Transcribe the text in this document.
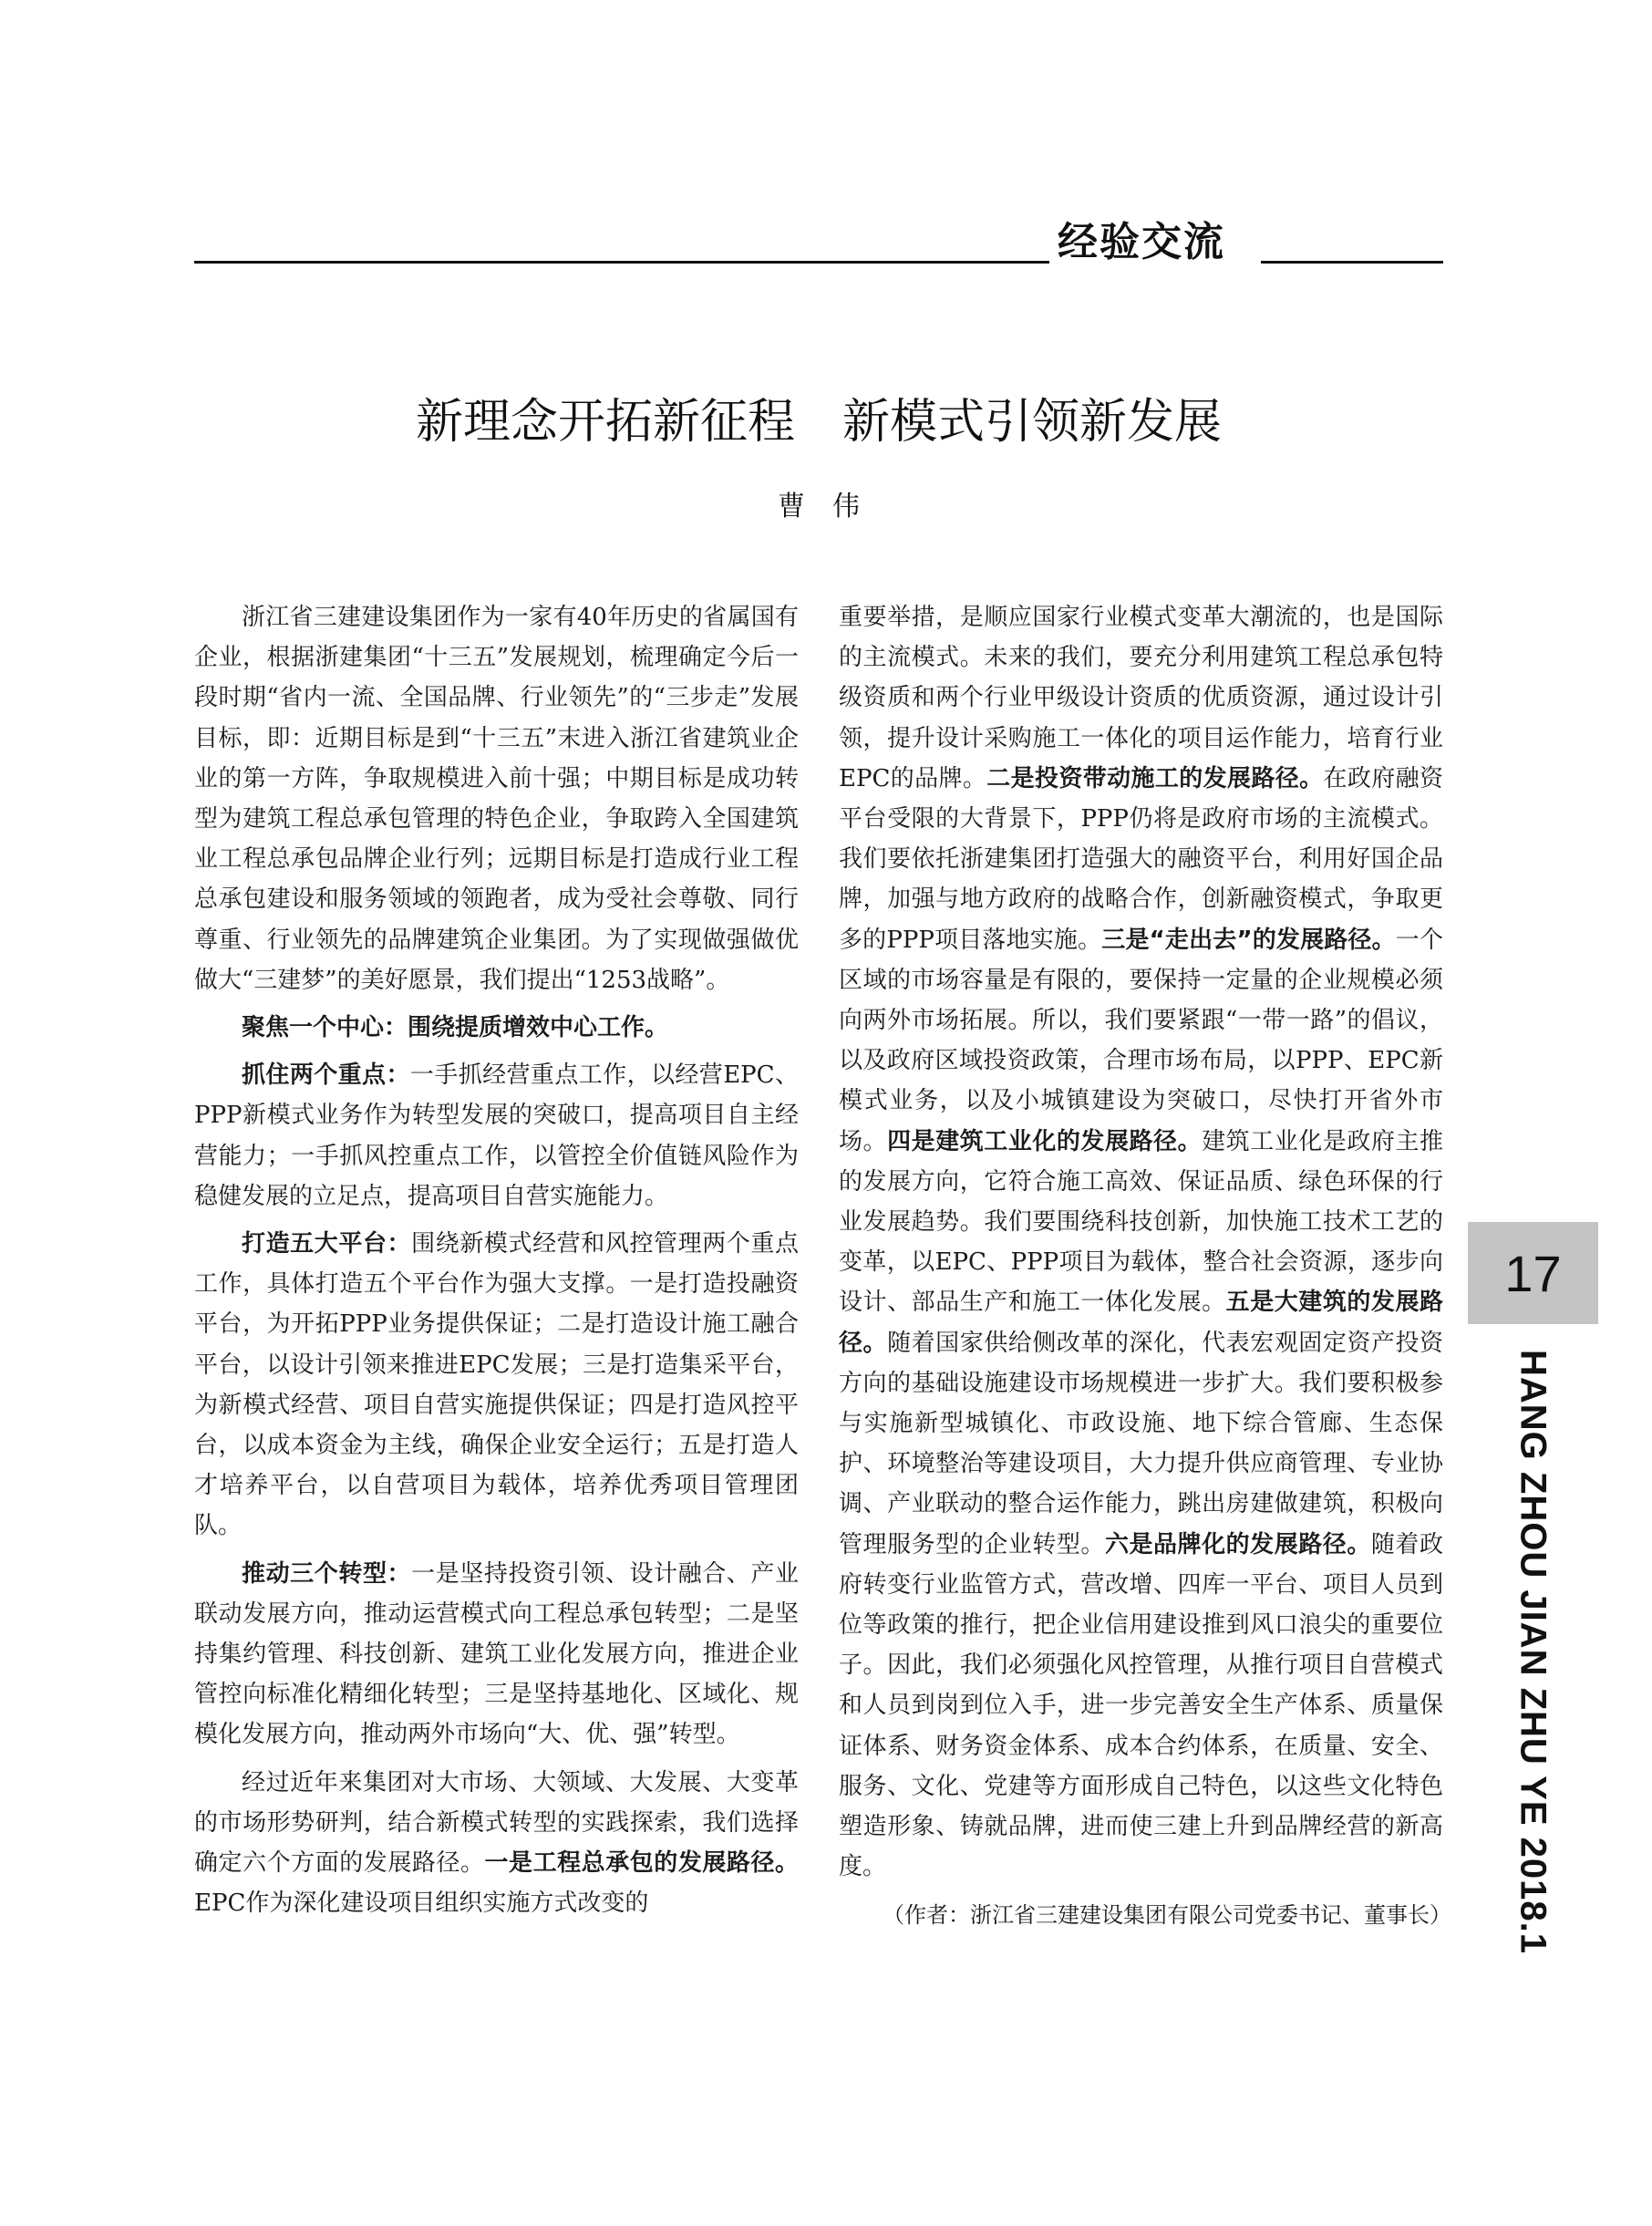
经验交流
新理念开拓新征程　新模式引领新发展
曹　伟

浙江省三建建设集团作为一家有40年历史的省属国有企业，根据浙建集团“十三五”发展规划，梳理确定今后一段时期“省内一流、全国品牌、行业领先”的“三步走”发展目标，即：近期目标是到“十三五”末进入浙江省建筑业企业的第一方阵，争取规模进入前十强；中期目标是成功转型为建筑工程总承包管理的特色企业，争取跨入全国建筑业工程总承包品牌企业行列；远期目标是打造成行业工程总承包建设和服务领域的领跑者，成为受社会尊敬、同行尊重、行业领先的品牌建筑企业集团。为了实现做强做优做大“三建梦”的美好愿景，我们提出“1253战略”。

聚焦一个中心：围绕提质增效中心工作。

抓住两个重点：一手抓经营重点工作，以经营EPC、PPP新模式业务作为转型发展的突破口，提高项目自主经营能力；一手抓风控重点工作，以管控全价值链风险作为稳健发展的立足点，提高项目自营实施能力。

打造五大平台：围绕新模式经营和风控管理两个重点工作，具体打造五个平台作为强大支撑。一是打造投融资平台，为开拓PPP业务提供保证；二是打造设计施工融合平台，以设计引领来推进EPC发展；三是打造集采平台，为新模式经营、项目自营实施提供保证；四是打造风控平台，以成本资金为主线，确保企业安全运行；五是打造人才培养平台，以自营项目为载体，培养优秀项目管理团队。

推动三个转型：一是坚持投资引领、设计融合、产业联动发展方向，推动运营模式向工程总承包转型；二是坚持集约管理、科技创新、建筑工业化发展方向，推进企业管控向标准化精细化转型；三是坚持基地化、区域化、规模化发展方向，推动两外市场向“大、优、强”转型。

经过近年来集团对大市场、大领域、大发展、大变革的市场形势研判，结合新模式转型的实践探索，我们选择确定六个方面的发展路径。一是工程总承包的发展路径。EPC作为深化建设项目组织实施方式改变的

重要举措，是顺应国家行业模式变革大潮流的，也是国际的主流模式。未来的我们，要充分利用建筑工程总承包特级资质和两个行业甲级设计资质的优质资源，通过设计引领，提升设计采购施工一体化的项目运作能力，培育行业EPC的品牌。二是投资带动施工的发展路径。在政府融资平台受限的大背景下，PPP仍将是政府市场的主流模式。我们要依托浙建集团打造强大的融资平台，利用好国企品牌，加强与地方政府的战略合作，创新融资模式，争取更多的PPP项目落地实施。三是“走出去”的发展路径。一个区域的市场容量是有限的，要保持一定量的企业规模必须向两外市场拓展。所以，我们要紧跟“一带一路”的倡议，以及政府区域投资政策，合理市场布局，以PPP、EPC新模式业务，以及小城镇建设为突破口，尽快打开省外市场。四是建筑工业化的发展路径。建筑工业化是政府主推的发展方向，它符合施工高效、保证品质、绿色环保的行业发展趋势。我们要围绕科技创新，加快施工技术工艺的变革，以EPC、PPP项目为载体，整合社会资源，逐步向设计、部品生产和施工一体化发展。五是大建筑的发展路径。随着国家供给侧改革的深化，代表宏观固定资产投资方向的基础设施建设市场规模进一步扩大。我们要积极参与实施新型城镇化、市政设施、地下综合管廊、生态保护、环境整治等建设项目，大力提升供应商管理、专业协调、产业联动的整合运作能力，跳出房建做建筑，积极向管理服务型的企业转型。六是品牌化的发展路径。随着政府转变行业监管方式，营改增、四库一平台、项目人员到位等政策的推行，把企业信用建设推到风口浪尖的重要位子。因此，我们必须强化风控管理，从推行项目自营模式和人员到岗到位入手，进一步完善安全生产体系、质量保证体系、财务资金体系、成本合约体系，在质量、安全、服务、文化、党建等方面形成自己特色，以这些文化特色塑造形象、铸就品牌，进而使三建上升到品牌经营的新高度。

（作者：浙江省三建建设集团有限公司党委书记、董事长）

17
HANG ZHOU JIAN ZHU YE 2018.1
